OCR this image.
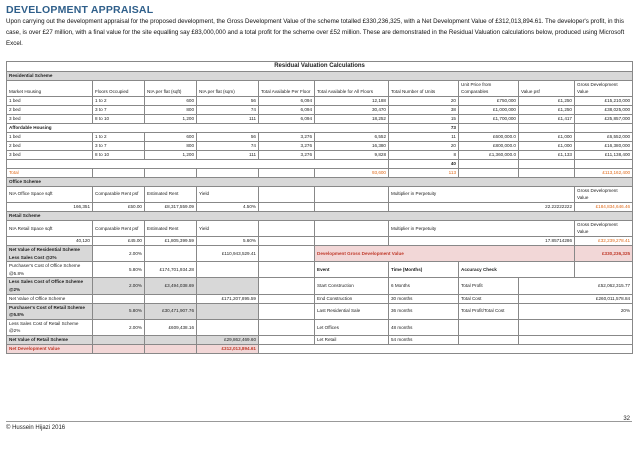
DEVELOPMENT APPRAISAL

Upon carrying out the development appraisal for the proposed development, the Gross Development Value of the scheme totalled £330,236,325, with a Net Development Value of £312,013,894.61. The developer's profit, in this case, is over £27 million, with a final value for the site equalling say £83,000,000 and a total profit for the scheme over £52 million. These are demonstrated in the Residual Valuation calculations below, produced using Microsoft Excel.

Residual Valuation Calculations									
Residential Scheme									
Market Housing	Floors Occupied	NIA per flat (sqft)	NIA per flat (sqm)	Total Available Per Floor	Total Available for All Floors	Total Number of Units	Unit Price from Comparables	Value psf	Gross Development Value
1 bed	1 to 2	600	56	6,094	12,188	20	£750,000	£1,250	£15,210,000
2 bed	3 to 7	800	74	6,094	30,470	38	£1,000,000	£1,250	£38,025,000
3 bed	8 to 10	1,200	111	6,094	18,252	15	£1,700,000	£1,417	£25,857,000
Affordable Housing						73			
1 bed	1 to 2	600	56	3,276	6,552	11	£600,000.0	£1,000	£6,552,000
2 bed	3 to 7	800	74	3,276	16,380	20	£800,000.0	£1,000	£16,380,000
3 bed	8 to 10	1,200	111	3,276	9,828	8	£1,360,000.0	£1,133	£11,138,400
						40			
Total					93,600	113			£113,162,400
Office Scheme									
NIA Office Space sqft	Comparable Rent psf	Estimated Rent	Yield			Multiplier in Perpetuity			Gross Development Value
166,351	£50.00	£8,317,559.09	4.50%			22.22222222			£184,834,646.46
Retail Scheme									
NIA Retail Space sqft	Comparable Rent psf	Estimated Rent	Yield			Multiplier in Perpetuity			Gross Development Value
40,120	£45.00	£1,805,399.59	5.60%			17.85714286			£32,239,278.41
Net Value of Residential Scheme Less Sales Cost @2%	2.00%		£110,943,529.41		Development Gross Development Value				£330,236,325
Purchaser's Cost of Office Scheme @5.8%	5.80%	£174,701,934.28			Event	Time (Months)	Accuracy Check		
Less Sales Cost of Office Scheme @2%	2.00%	£3,494,038.69			Start Construction	6 Months	Total Profit	£52,062,315.77	
Net Value of Office Scheme			£171,207,895.59		End Construction	30 months	Total Cost	£260,011,578.84	
Purchaser's Cost of Retail Scheme @5.8%	5.80%	£30,471,907.76			Last Residential Sale	36 months	Total Profit/Total Cost	20%	
Less Sales Cost of Retail Scheme @2%	2.00%	£609,438.16			Let Offices	48 months			
Net Value of Retail Scheme			£29,862,469.60		Let Retail	54 months			
Net Development Value			£312,013,894.61						
32
© Hussein Hijazi 2016
